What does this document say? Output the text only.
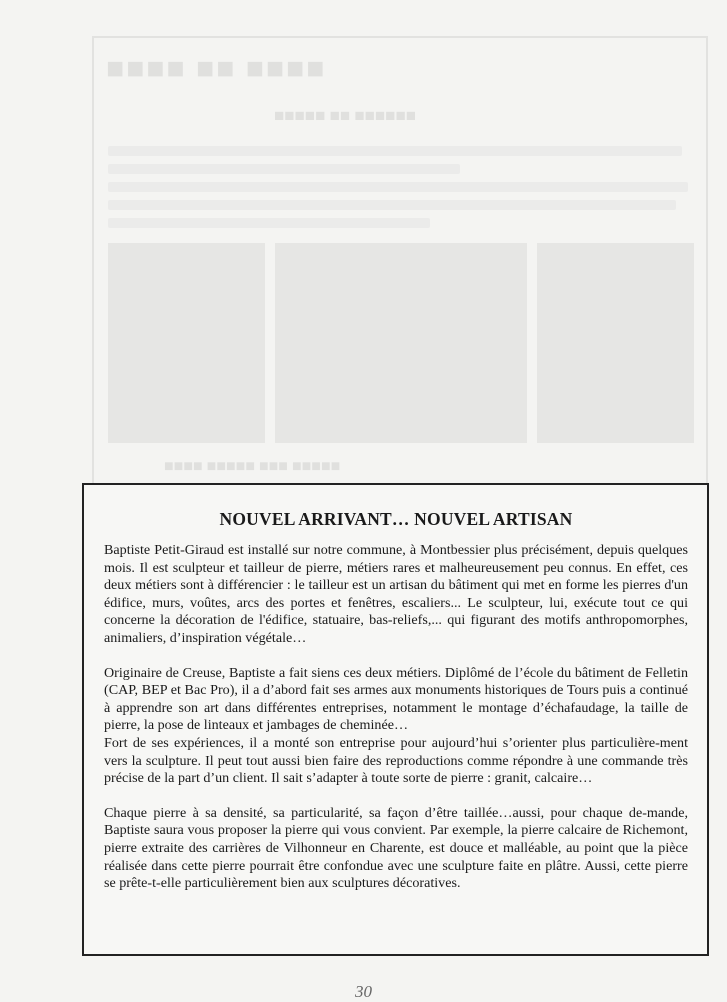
■■■■ ■■ ■■■■
■■■■■ ■■ ■■■■■■
■■■■ ■■■■■ ■■■ ■■■■■
NOUVEL ARRIVANT… NOUVEL ARTISAN

Baptiste Petit-Giraud est installé sur notre commune, à Montbessier plus précisément, depuis quelques mois. Il est sculpteur et tailleur de pierre, métiers rares et malheureusement peu connus. En effet, ces deux métiers sont à différencier : le tailleur est un artisan du bâtiment qui met en forme les pierres d'un édifice, murs, voûtes, arcs des portes et fenêtres, escaliers... Le sculpteur, lui, exécute tout ce qui concerne la décoration de l'édifice, statuaire, bas-reliefs,... qui figurant des motifs anthropomorphes, animaliers, d’inspiration végétale…

Originaire de Creuse, Baptiste a fait siens ces deux métiers. Diplômé de l’école du bâtiment de Felletin (CAP, BEP et Bac Pro), il a d’abord fait ses armes aux monuments historiques de Tours puis a continué à apprendre son art dans différentes entreprises, notamment le montage d’échafaudage, la taille de pierre, la pose de linteaux et jambages de cheminée…

Fort de ses expériences, il a monté son entreprise pour aujourd’hui s’orienter plus particulière-ment vers la sculpture. Il peut tout aussi bien faire des reproductions comme répondre à une commande très précise de la part d’un client. Il sait s’adapter à toute sorte de pierre : granit, calcaire…

Chaque pierre à sa densité, sa particularité, sa façon d’être taillée…aussi, pour chaque de-mande, Baptiste saura vous proposer la pierre qui vous convient. Par exemple, la pierre calcaire de Richemont, pierre extraite des carrières de Vilhonneur en Charente, est douce et malléable, au point que la pièce réalisée dans cette pierre pourrait être confondue avec une sculpture faite en plâtre. Aussi, cette pierre se prête-t-elle particulièrement bien aux sculptures décoratives.

30
